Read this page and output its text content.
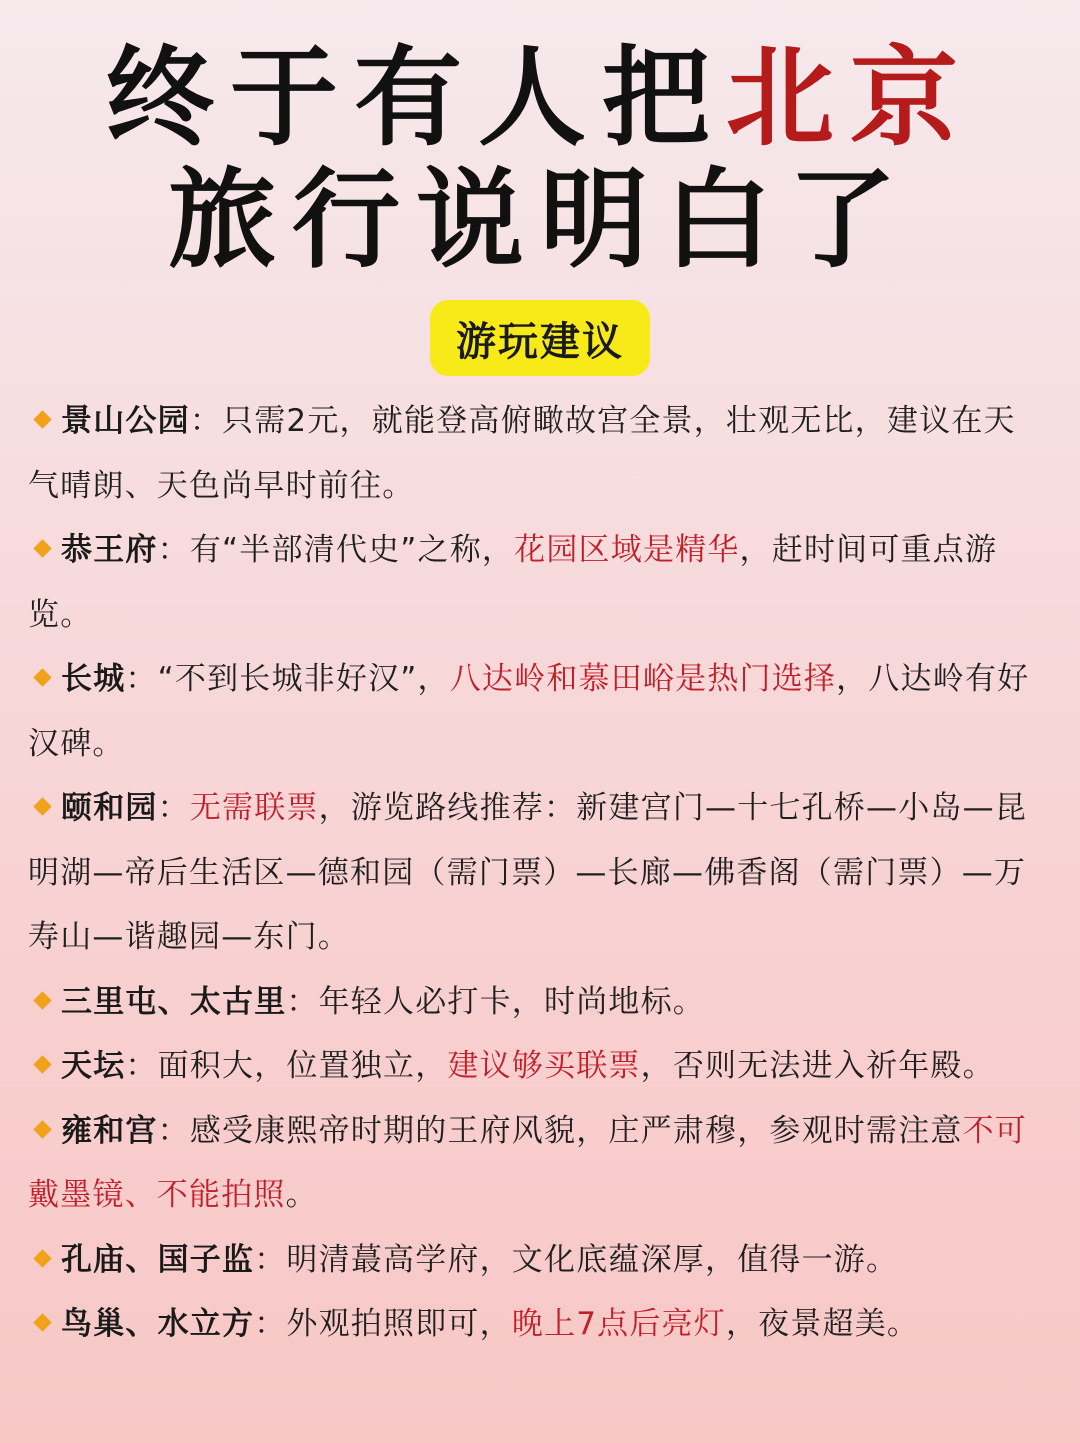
终于有人把北京
旅行说明白了
游玩建议

景山公园：只需2元，就能登高俯瞰故宫全景，壮观无比，建议在天气晴朗、天色尚早时前往。

恭王府：有“半部清代史”之称，花园区域是精华，赶时间可重点游览。

长城：“不到长城非好汉”，八达岭和慕田峪是热门选择，八达岭有好汉碑。

颐和园：无需联票，游览路线推荐：新建宫门—十七孔桥—小岛—昆明湖—帝后生活区—德和园（需门票）—长廊—佛香阁（需门票）—万寿山—谐趣园—东门。

三里屯、太古里：年轻人必打卡，时尚地标。

天坛：面积大，位置独立，建议够买联票，否则无法进入祈年殿。

雍和宫：感受康熙帝时期的王府风貌，庄严肃穆，参观时需注意不可戴墨镜、不能拍照。

孔庙、国子监：明清蕞高学府，文化底蕴深厚，值得一游。

鸟巢、水立方：外观拍照即可，晚上7点后亮灯，夜景超美。
